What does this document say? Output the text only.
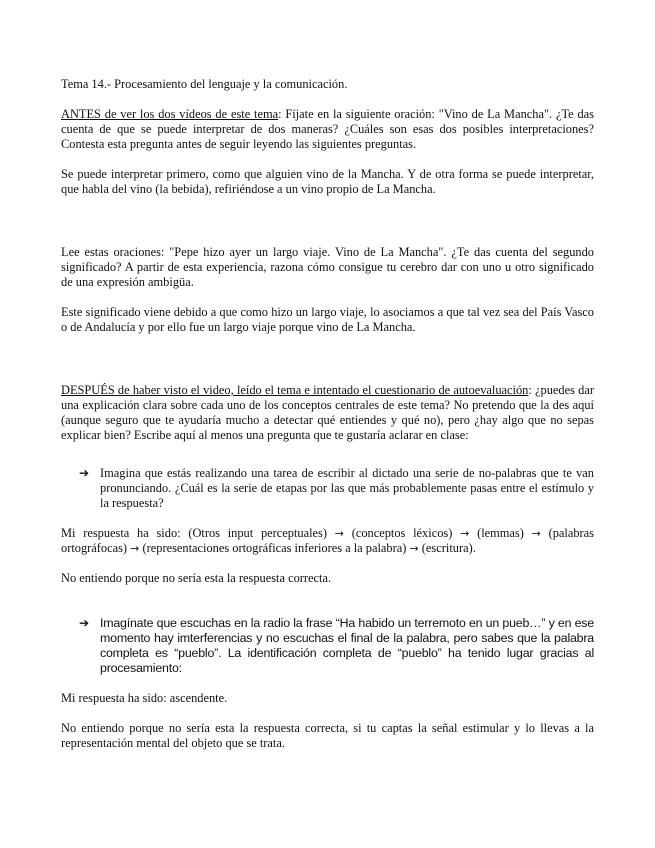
Tema 14.- Procesamiento del lenguaje y la comunicación.

ANTES de ver los dos vídeos de este tema: Fíjate en la siguiente oración: "Vino de La Mancha". ¿Te das cuenta de que se puede interpretar de dos maneras? ¿Cuáles son esas dos posibles interpretaciones? Contesta esta pregunta antes de seguir leyendo las siguientes preguntas.

Se puede interpretar primero, como que alguien vino de la Mancha. Y de otra forma se puede interpretar, que habla del vino (la bebida), refiriéndose a un vino propio de La Mancha.

Lee estas oraciones: "Pepe hizo ayer un largo viaje. Vino de La Mancha". ¿Te das cuenta del segundo significado? A partir de esta experiencia, razona cómo consigue tu cerebro dar con uno u otro significado de una expresión ambigüa.

Este significado viene debido a que como hizo un largo viaje, lo asociamos a que tal vez sea del País Vasco o de Andalucía y por ello fue un largo viaje porque vino de La Mancha.

DESPUÉS de haber visto el video, leído el tema e intentado el cuestionario de autoevaluación: ¿puedes dar una explicación clara sobre cada uno de los conceptos centrales de este tema? No pretendo que la des aquí (aunque seguro que te ayudaría mucho a detectar qué entiendes y qué no), pero ¿hay algo que no sepas explicar bien? Escribe aquí al menos una pregunta que te gustaría aclarar en clase:

➔ Imagina que estás realizando una tarea de escribir al dictado una serie de no-palabras que te van pronunciando. ¿Cuál es la serie de etapas por las que más probablemente pasas entre el estímulo y la respuesta?

Mi respuesta ha sido: (Otros input perceptuales) → (conceptos léxicos) → (lemmas) → (palabras ortográfocas) → (representaciones ortográficas inferiores a la palabra) → (escritura).

No entiendo porque no sería esta la respuesta correcta.

➔ Imagínate que escuchas en la radio la frase “Ha habido un terremoto en un pueb…” y en ese momento hay imterferencias y no escuchas el final de la palabra, pero sabes que la palabra completa es “pueblo”. La identificación completa de “pueblo” ha tenido lugar gracias al procesamiento:

Mi respuesta ha sido: ascendente.

No entiendo porque no sería esta la respuesta correcta, si tu captas la señal estimular y lo llevas a la representación mental del objeto que se trata.
